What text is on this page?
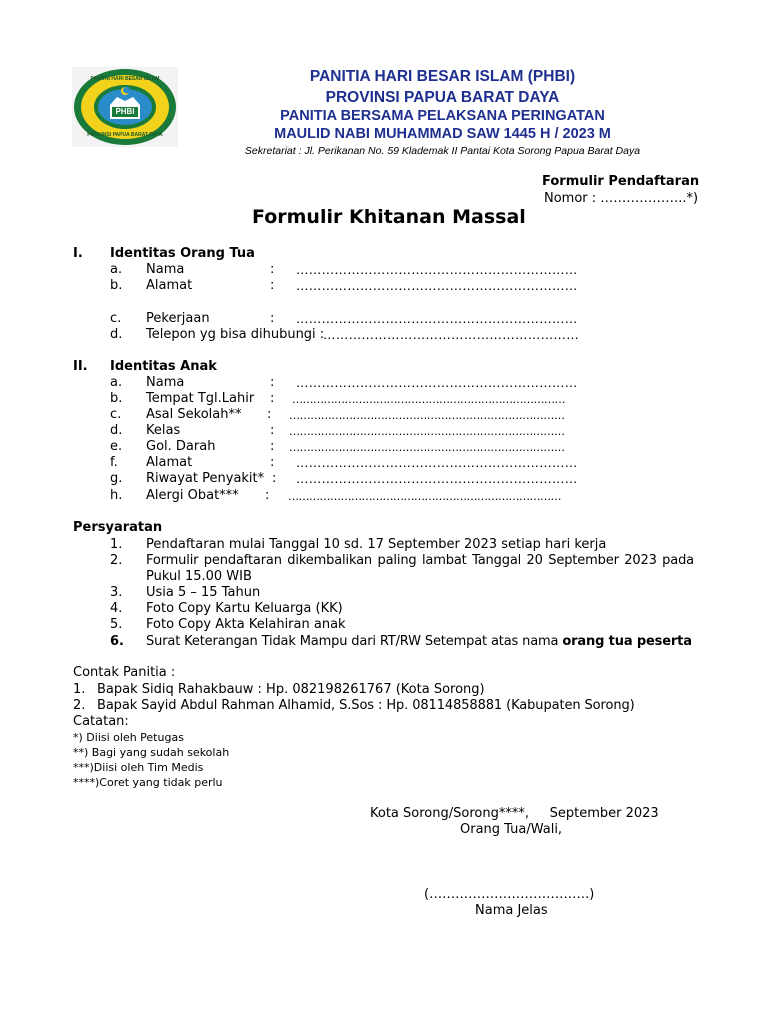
PHBI
PANITIA HARI BESAR ISLAM
PROVINSI PAPUA BARAT DAYA
PANITIA HARI BESAR ISLAM (PHBI)
PROVINSI PAPUA BARAT DAYA
PANITIA BERSAMA PELAKSANA PERINGATAN
MAULID NABI MUHAMMAD SAW 1445 H / 2023 M
Sekretariat : Jl. Perikanan No. 59 Klademak II Pantai Kota Sorong Papua Barat Daya
Formulir Pendaftaran
Nomor : ………………..*)
Formulir Khitanan Massal
I. Identitas Orang Tua
a. Nama	: …………………………………………………………
b. Alamat	: …………………………………………………………
c. Pekerjaan	: …………………………………………………………
d. Telepon yg bisa dihubungi :
……………………………………………………
II. Identitas Anak
a. Nama	: …………………………………………………………
b. Tempat Tgl.Lahir : ……………………………………………………………………
c. Asal Sekolah** : ……………………………………………………………………
d. Kelas	: ……………………………………………………………………
e. Gol. Darah	: ……………………………………………………………………
f. Alamat	: …………………………………………………………
g. Riwayat Penyakit* : …………………………………………………………
h. Alergi Obat*** : ……………………………………………………………………
Persyaratan
1. Pendaftaran mulai Tanggal 10 sd. 17 September 2023 setiap hari kerja
2. Formulir pendaftaran dikembalikan paling lambat Tanggal 20 September 2023 pada
Pukul 15.00 WIB
3. Usia 5 – 15 Tahun
4. Foto Copy Kartu Keluarga (KK)
5. Foto Copy Akta Kelahiran anak
6. Surat Keterangan Tidak Mampu dari RT/RW Setempat atas nama orang tua peserta
Contak Panitia :
1. Bapak Sidiq Rahakbauw : Hp. 082198261767 (Kota Sorong)
2. Bapak Sayid Abdul Rahman Alhamid, S.Sos : Hp. 08114858881 (Kabupaten Sorong)
Catatan:
*) Diisi oleh Petugas
**) Bagi yang sudah sekolah
***)Diisi oleh Tim Medis
****)Coret yang tidak perlu
Kota Sorong/Sorong****,     September 2023
Orang Tua/Wali,
(……………………………….)
Nama Jelas
